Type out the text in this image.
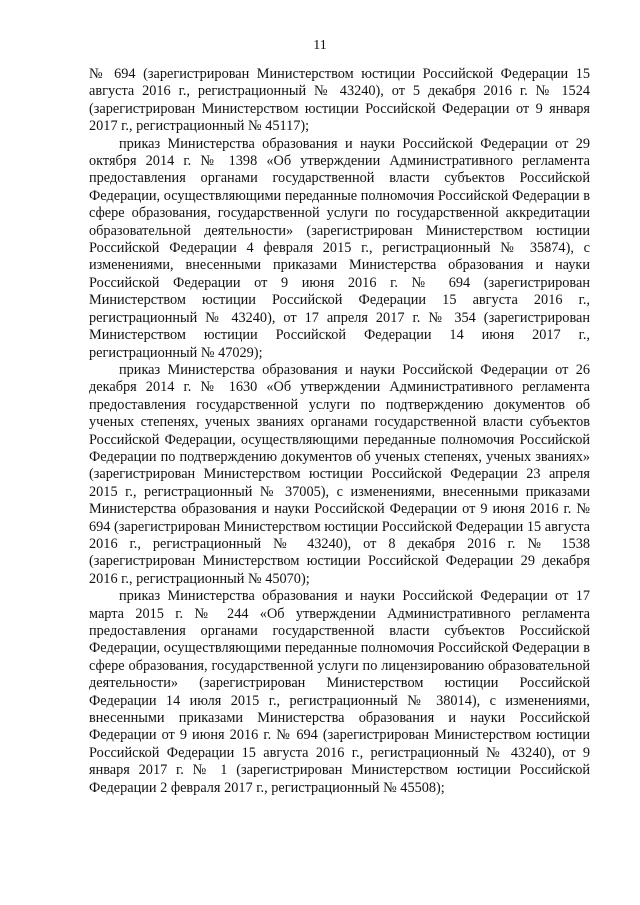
11

№ 694 (зарегистрирован Министерством юстиции Российской Федерации 15 августа 2016 г., регистрационный № 43240), от 5 декабря 2016 г. № 1524 (зарегистрирован Министерством юстиции Российской Федерации от 9 января 2017 г., регистрационный № 45117);

приказ Министерства образования и науки Российской Федерации от 29 октября 2014 г. № 1398 «Об утверждении Административного регламента предоставления органами государственной власти субъектов Российской Федерации, осуществляющими переданные полномочия Российской Федерации в сфере образования, государственной услуги по государственной аккредитации образовательной деятельности» (зарегистрирован Министерством юстиции Российской Федерации 4 февраля 2015 г., регистрационный № 35874), с изменениями, внесенными приказами Министерства образования и науки Российской Федерации от 9 июня 2016 г. № 694 (зарегистрирован Министерством юстиции Российской Федерации 15 августа 2016 г., регистрационный № 43240), от 17 апреля 2017 г. № 354 (зарегистрирован Министерством юстиции Российской Федерации 14 июня 2017 г., регистрационный № 47029);

приказ Министерства образования и науки Российской Федерации от 26 декабря 2014 г. № 1630 «Об утверждении Административного регламента предоставления государственной услуги по подтверждению документов об ученых степенях, ученых званиях органами государственной власти субъектов Российской Федерации, осуществляющими переданные полномочия Российской Федерации по подтверждению документов об ученых степенях, ученых званиях» (зарегистрирован Министерством юстиции Российской Федерации 23 апреля 2015 г., регистрационный № 37005), с изменениями, внесенными приказами Министерства образования и науки Российской Федерации от 9 июня 2016 г. № 694 (зарегистрирован Министерством юстиции Российской Федерации 15 августа 2016 г., регистрационный № 43240), от 8 декабря 2016 г. № 1538 (зарегистрирован Министерством юстиции Российской Федерации 29 декабря 2016 г., регистрационный № 45070);

приказ Министерства образования и науки Российской Федерации от 17 марта 2015 г. № 244 «Об утверждении Административного регламента предоставления органами государственной власти субъектов Российской Федерации, осуществляющими переданные полномочия Российской Федерации в сфере образования, государственной услуги по лицензированию образовательной деятельности» (зарегистрирован Министерством юстиции Российской Федерации 14 июля 2015 г., регистрационный № 38014), с изменениями, внесенными приказами Министерства образования и науки Российской Федерации от 9 июня 2016 г. № 694 (зарегистрирован Министерством юстиции Российской Федерации 15 августа 2016 г., регистрационный № 43240), от 9 января 2017 г. № 1 (зарегистрирован Министерством юстиции Российской Федерации 2 февраля 2017 г., регистрационный № 45508);
